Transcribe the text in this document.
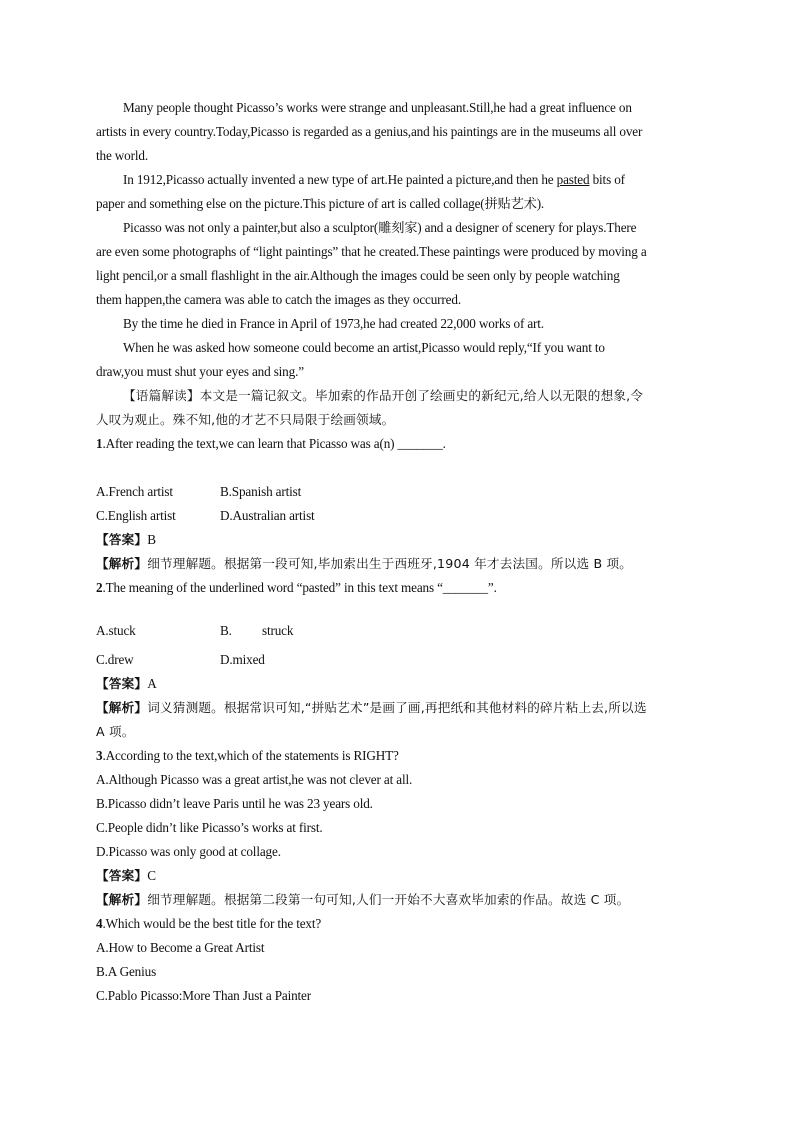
Many people thought Picasso’s works were strange and unpleasant.Still,he had a great influence on
artists in every country.Today,Picasso is regarded as a genius,and his paintings are in the museums all over
the world.
In 1912,Picasso actually invented a new type of art.He painted a picture,and then he pasted bits of
paper and something else on the picture.This picture of art is called collage(拼贴艺术).
Picasso was not only a painter,but also a sculptor(雕刻家) and a designer of scenery for plays.There
are even some photographs of “light paintings” that he created.These paintings were produced by moving a
light pencil,or a small flashlight in the air.Although the images could be seen only by people watching
them happen,the camera was able to catch the images as they occurred.
By the time he died in France in April of 1973,he had created 22,000 works of art.
When he was asked how someone could become an artist,Picasso would reply,“If you want to
draw,you must shut your eyes and sing.”
【语篇解读】本文是一篇记叙文。毕加索的作品开创了绘画史的新纪元,给人以无限的想象,令
人叹为观止。殊不知,他的才艺不只局限于绘画领域。
1.After reading the text,we can learn that Picasso was a(n) _______.
A.French artist	B.Spanish artist
C.English artist	D.Australian artist
【答案】B
【解析】细节理解题。根据第一段可知,毕加索出生于西班牙,1904 年才去法国。所以选 B 项。
2.The meaning of the underlined word “pasted” in this text means “_______”.
A.stuck	B. struck
C.drew	D.mixed
【答案】A
【解析】词义猜测题。根据常识可知,“拼贴艺术”是画了画,再把纸和其他材料的碎片粘上去,所以选
A 项。
3.According to the text,which of the statements is RIGHT?
A.Although Picasso was a great artist,he was not clever at all.
B.Picasso didn’t leave Paris until he was 23 years old.
C.People didn’t like Picasso’s works at first.
D.Picasso was only good at collage.
【答案】C
【解析】细节理解题。根据第二段第一句可知,人们一开始不大喜欢毕加索的作品。故选 C 项。
4.Which would be the best title for the text?
A.How to Become a Great Artist
B.A Genius
C.Pablo Picasso:More Than Just a Painter
